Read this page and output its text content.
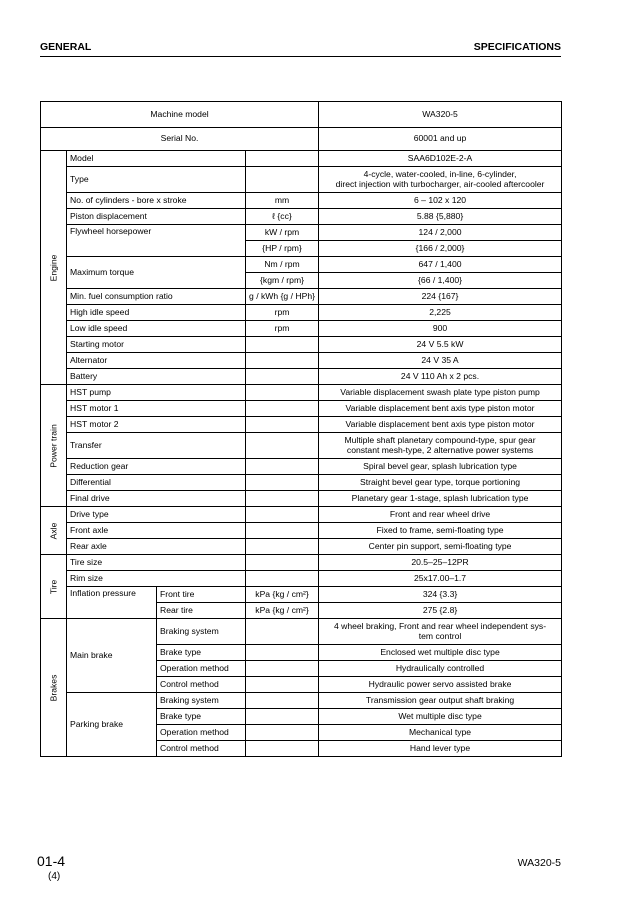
GENERAL	SPECIFICATIONS
Machine model				WA320-5
Serial No.				60001 and up

Engine	Model			SAA6D102E-2-A
	Type			4-cycle, water-cooled, in-line, 6-cylinder,
direct injection with turbocharger, air-cooled aftercooler
	No. of cylinders - bore x stroke		mm	6 – 102 x 120
	Piston displacement		ℓ {cc}	5.88 {5,880}
	Flywheel horsepower		kW / rpm	124 / 2,000
			{HP / rpm}	{166 / 2,000}
	Maximum torque		Nm / rpm	647 / 1,400
			{kgm / rpm}	{66 / 1,400}
	Min. fuel consumption ratio		g / kWh {g / HPh}	224 {167}
	High idle speed		rpm	2,225
	Low idle speed		rpm	900
	Starting motor			24 V 5.5 kW
	Alternator			24 V 35 A
	Battery			24 V 110 Ah x 2 pcs.

Power train	HST pump			Variable displacement swash plate type piston pump
	HST motor 1			Variable displacement bent axis type piston motor
	HST motor 2			Variable displacement bent axis type piston motor
	Transfer			Multiple shaft planetary compound-type, spur gear
constant mesh-type, 2 alternative power systems
	Reduction gear			Spiral bevel gear, splash lubrication type
	Differential			Straight bevel gear type, torque portioning
	Final drive			Planetary gear 1-stage, splash lubrication type

Axle	Drive type			Front and rear wheel drive
	Front axle			Fixed to frame, semi-floating type
	Rear axle			Center pin support, semi-floating type

Tire	Tire size			20.5–25–12PR
	Rim size			25x17.00–1.7
	Inflation pressure	Front tire	kPa {kg / cm²}	324 {3.3}
		Rear tire	kPa {kg / cm²}	275 {2.8}

Brakes	Main brake	Braking system		4 wheel braking, Front and rear wheel independent sys-
tem control
		Brake type		Enclosed wet multiple disc type
		Operation method		Hydraulically controlled
		Control method		Hydraulic power servo assisted brake
	Parking brake	Braking system		Transmission gear output shaft braking
		Brake type		Wet multiple disc type
		Operation method		Mechanical type
		Control method		Hand lever type
01-4
(4)
WA320-5
